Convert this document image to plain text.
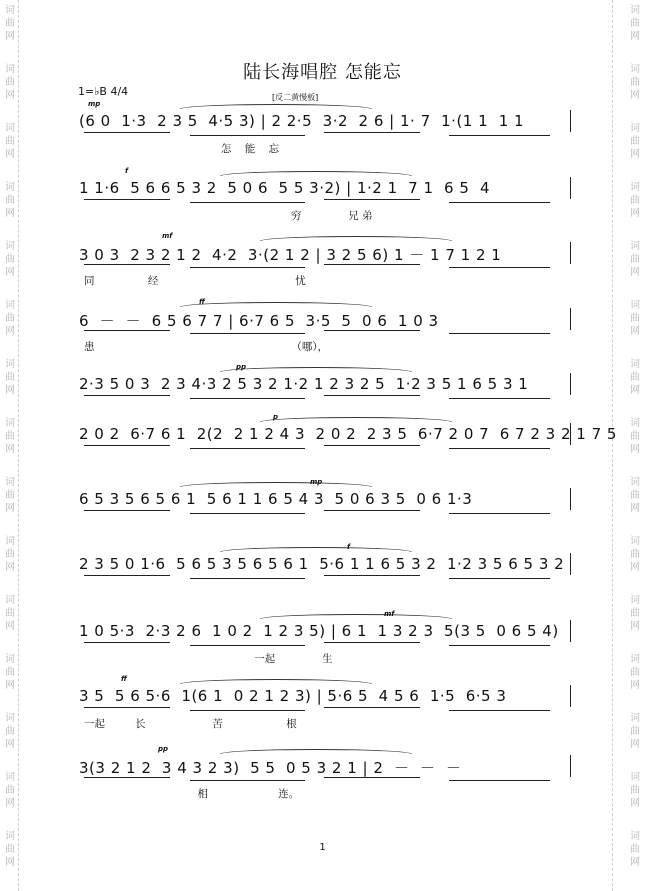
词
曲
网
词
曲
网
词
曲
网
词
曲
网
词
曲
网
词
曲
网
词
曲
网
词
曲
网
词
曲
网
词
曲
网
词
曲
网
词
曲
网
词
曲
网
词
曲
网
词
曲
网
词
曲
网
词
曲
网
词
曲
网
词
曲
网
词
曲
网
词
曲
网
词
曲
网
词
曲
网
词
曲
网
词
曲
网
词
曲
网
词
曲
网
词
曲
网
词
曲
网
词
曲
网
陆长海唱腔 怎能忘
1=♭B 4/4	[反二黄慢板]
(6 0  1·3  2 3 5  4·5 3) | 2 2·5  3·2  2 6 | 1· 7  1·(1 1  1 1
mp
怎    能    忘
1 1·6  5 6 6 5 3 2  5 0 6  5 5 3·2) | 1·2 1  7 1  6 5  4
f
穷              兄 弟
3 0 3  2 3 2 1 2  4·2  3·(2 1 2 | 3 2 5 6) 1 － 1 7 1 2 1
mf
同                经                                         忧
6  －  －  6 5 6 7 7 | 6·7 6 5  3·5  5  0 6  1 0 3
ff
患                                                           （哪），
2·3 5 0 3  2 3 4·3 2 5 3 2 1·2 1 2 3 2 5  1·2 3 5 1 6 5 3 1
pp
2 0 2  6·7 6 1  2(2  2 1 2 4 3  2 0 2  2 3 5  6·7 2 0 7  6 7 2 3 2 1 7 5
p
6 5 3 5 6 5 6 1  5 6 1 1 6 5 4 3  5 0 6 3 5  0 6 1·3
mp
2 3 5 0 1·6  5 6 5 3 5 6 5 6 1  5·6 1 1 6 5 3 2  1·2 3 5 6 5 3 2
f
1 0 5·3  2·3 2 6  1 0 2  1 2 3 5) | 6 1  1 3 2 3  5(3 5  0 6 5 4)
mf
一起              生
3 5  5 6 5·6  1(6 1  0 2 1 2 3) | 5·6 5  4 5 6  1·5  6·5 3
ff
一起         长                    苦                   根
3(3 2 1 2  3 4 3 2 3)  5 5  0 5 3 2 1 | 2  －  －  －
pp
相                     连。
1
